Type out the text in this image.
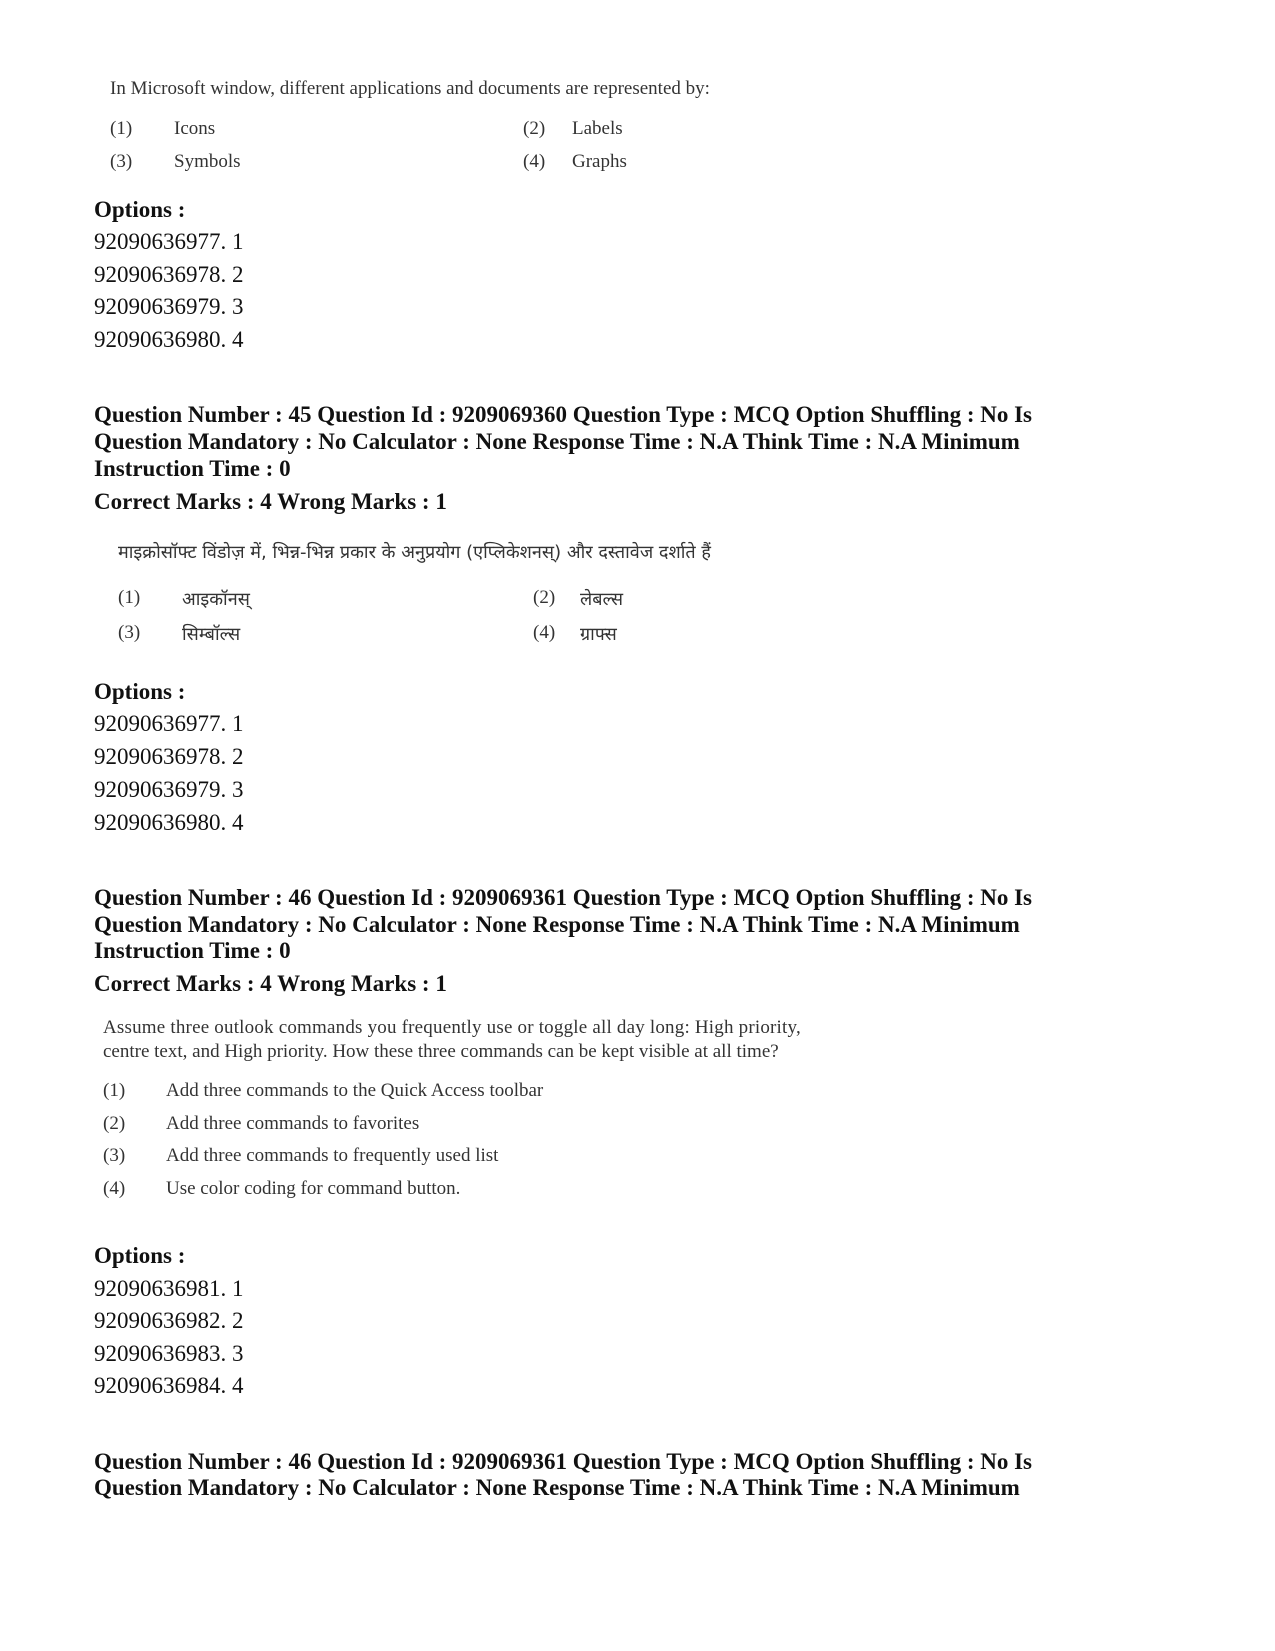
In Microsoft window, different applications and documents are represented by:
(1) Icons	(2) Labels
(3) Symbols	(4) Graphs
Options :
92090636977. 1
92090636978. 2
92090636979. 3
92090636980. 4
Question Number : 45 Question Id : 9209069360 Question Type : MCQ Option Shuffling : No Is
Question Mandatory : No Calculator : None Response Time : N.A Think Time : N.A Minimum
Instruction Time : 0
Correct Marks : 4 Wrong Marks : 1
माइक्रोसॉफ्ट विंडोज़ में, भिन्न-भिन्न प्रकार के अनुप्रयोग (एप्लिकेशनस्) और दस्तावेज दर्शाते हैं
(1) आइकॉनस्	(2) लेबल्स
(3) सिम्बॉल्स	(4) ग्राफ्स
Options :
92090636977. 1
92090636978. 2
92090636979. 3
92090636980. 4
Question Number : 46 Question Id : 9209069361 Question Type : MCQ Option Shuffling : No Is
Question Mandatory : No Calculator : None Response Time : N.A Think Time : N.A Minimum
Instruction Time : 0
Correct Marks : 4 Wrong Marks : 1
Assume three outlook commands you frequently use or toggle all day long: High priority,
centre text, and High priority. How these three commands can be kept visible at all time?
(1) Add three commands to the Quick Access toolbar
(2) Add three commands to favorites
(3) Add three commands to frequently used list
(4) Use color coding for command button.
Options :
92090636981. 1
92090636982. 2
92090636983. 3
92090636984. 4
Question Number : 46 Question Id : 9209069361 Question Type : MCQ Option Shuffling : No Is
Question Mandatory : No Calculator : None Response Time : N.A Think Time : N.A Minimum
